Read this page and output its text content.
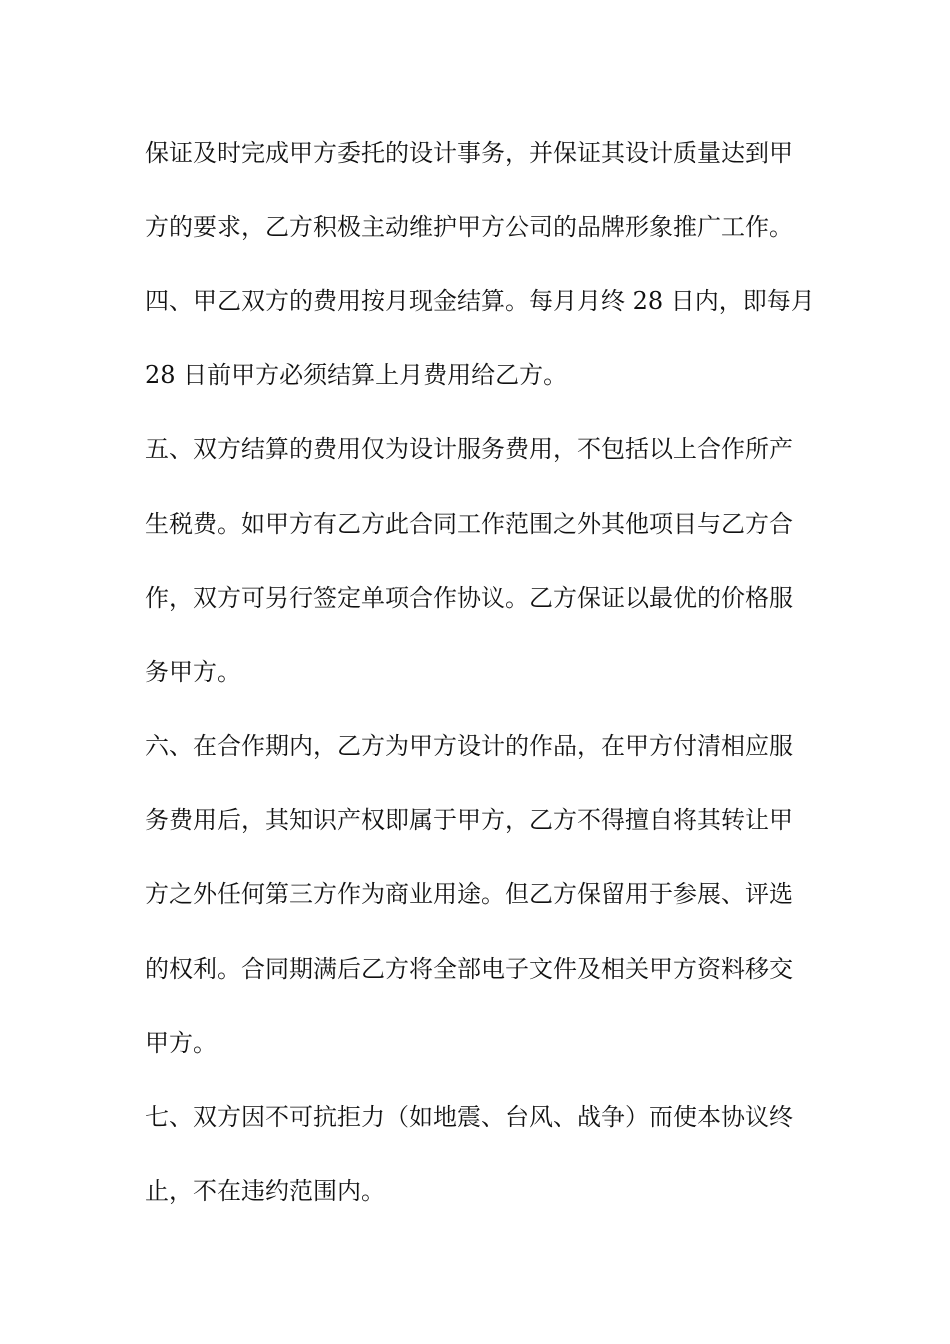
保证及时完成甲方委托的设计事务，并保证其设计质量达到甲

方的要求，乙方积极主动维护甲方公司的品牌形象推广工作。

四、甲乙双方的费用按月现金结算。每月月终 28 日内，即每月

28 日前甲方必须结算上月费用给乙方。

五、双方结算的费用仅为设计服务费用，不包括以上合作所产

生税费。如甲方有乙方此合同工作范围之外其他项目与乙方合

作，双方可另行签定单项合作协议。乙方保证以最优的价格服

务甲方。

六、在合作期内，乙方为甲方设计的作品，在甲方付清相应服

务费用后，其知识产权即属于甲方，乙方不得擅自将其转让甲

方之外任何第三方作为商业用途。但乙方保留用于参展、评选

的权利。合同期满后乙方将全部电子文件及相关甲方资料移交

甲方。

七、双方因不可抗拒力（如地震、台风、战争）而使本协议终

止，不在违约范围内。
